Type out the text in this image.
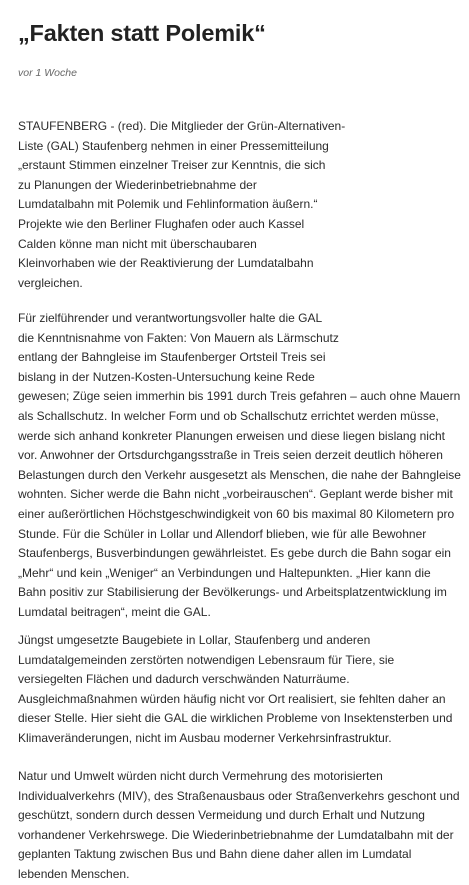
„Fakten statt Polemik“
vor 1 Woche

STAUFENBERG - (red). Die Mitglieder der Grün-Alternativen-
Liste (GAL) Staufenberg nehmen in einer Pressemitteilung
„erstaunt Stimmen einzelner Treiser zur Kenntnis, die sich
zu Planungen der Wiederinbetriebnahme der
Lumdatalbahn mit Polemik und Fehlinformation äußern.“
Projekte wie den Berliner Flughafen oder auch Kassel
Calden könne man nicht mit überschaubaren
Kleinvorhaben wie der Reaktivierung der Lumdatalbahn
vergleichen.

Für zielführender und verantwortungsvoller halte die GAL
die Kenntnisnahme von Fakten: Von Mauern als Lärmschutz
entlang der Bahngleise im Staufenberger Ortsteil Treis sei
bislang in der Nutzen-Kosten-Untersuchung keine Rede
gewesen; Züge seien immerhin bis 1991 durch Treis gefahren – auch ohne Mauern
als Schallschutz. In welcher Form und ob Schallschutz errichtet werden müsse,
werde sich anhand konkreter Planungen erweisen und diese liegen bislang nicht
vor. Anwohner der Ortsdurchgangsstraße in Treis seien derzeit deutlich höheren
Belastungen durch den Verkehr ausgesetzt als Menschen, die nahe der Bahngleise
wohnten. Sicher werde die Bahn nicht „vorbeirauschen“. Geplant werde bisher mit
einer außerörtlichen Höchstgeschwindigkeit von 60 bis maximal 80 Kilometern pro
Stunde. Für die Schüler in Lollar und Allendorf blieben, wie für alle Bewohner
Staufenbergs, Busverbindungen gewährleistet. Es gebe durch die Bahn sogar ein
„Mehr“ und kein „Weniger“ an Verbindungen und Haltepunkten. „Hier kann die
Bahn positiv zur Stabilisierung der Bevölkerungs- und Arbeitsplatzentwicklung im
Lumdatal beitragen“, meint die GAL.

Jüngst umgesetzte Baugebiete in Lollar, Staufenberg und anderen
Lumdatalgemeinden zerstörten notwendigen Lebensraum für Tiere, sie
versiegelten Flächen und dadurch verschwänden Naturräume.
Ausgleichmaßnahmen würden häufig nicht vor Ort realisiert, sie fehlten daher an
dieser Stelle. Hier sieht die GAL die wirklichen Probleme von Insektensterben und
Klimaveränderungen, nicht im Ausbau moderner Verkehrsinfrastruktur.

Natur und Umwelt würden nicht durch Vermehrung des motorisierten
Individualverkehrs (MIV), des Straßenausbaus oder Straßenverkehrs geschont und
geschützt, sondern durch dessen Vermeidung und durch Erhalt und Nutzung
vorhandener Verkehrswege. Die Wiederinbetriebnahme der Lumdatalbahn mit der
geplanten Taktung zwischen Bus und Bahn diene daher allen im Lumdatal
lebenden Menschen.
